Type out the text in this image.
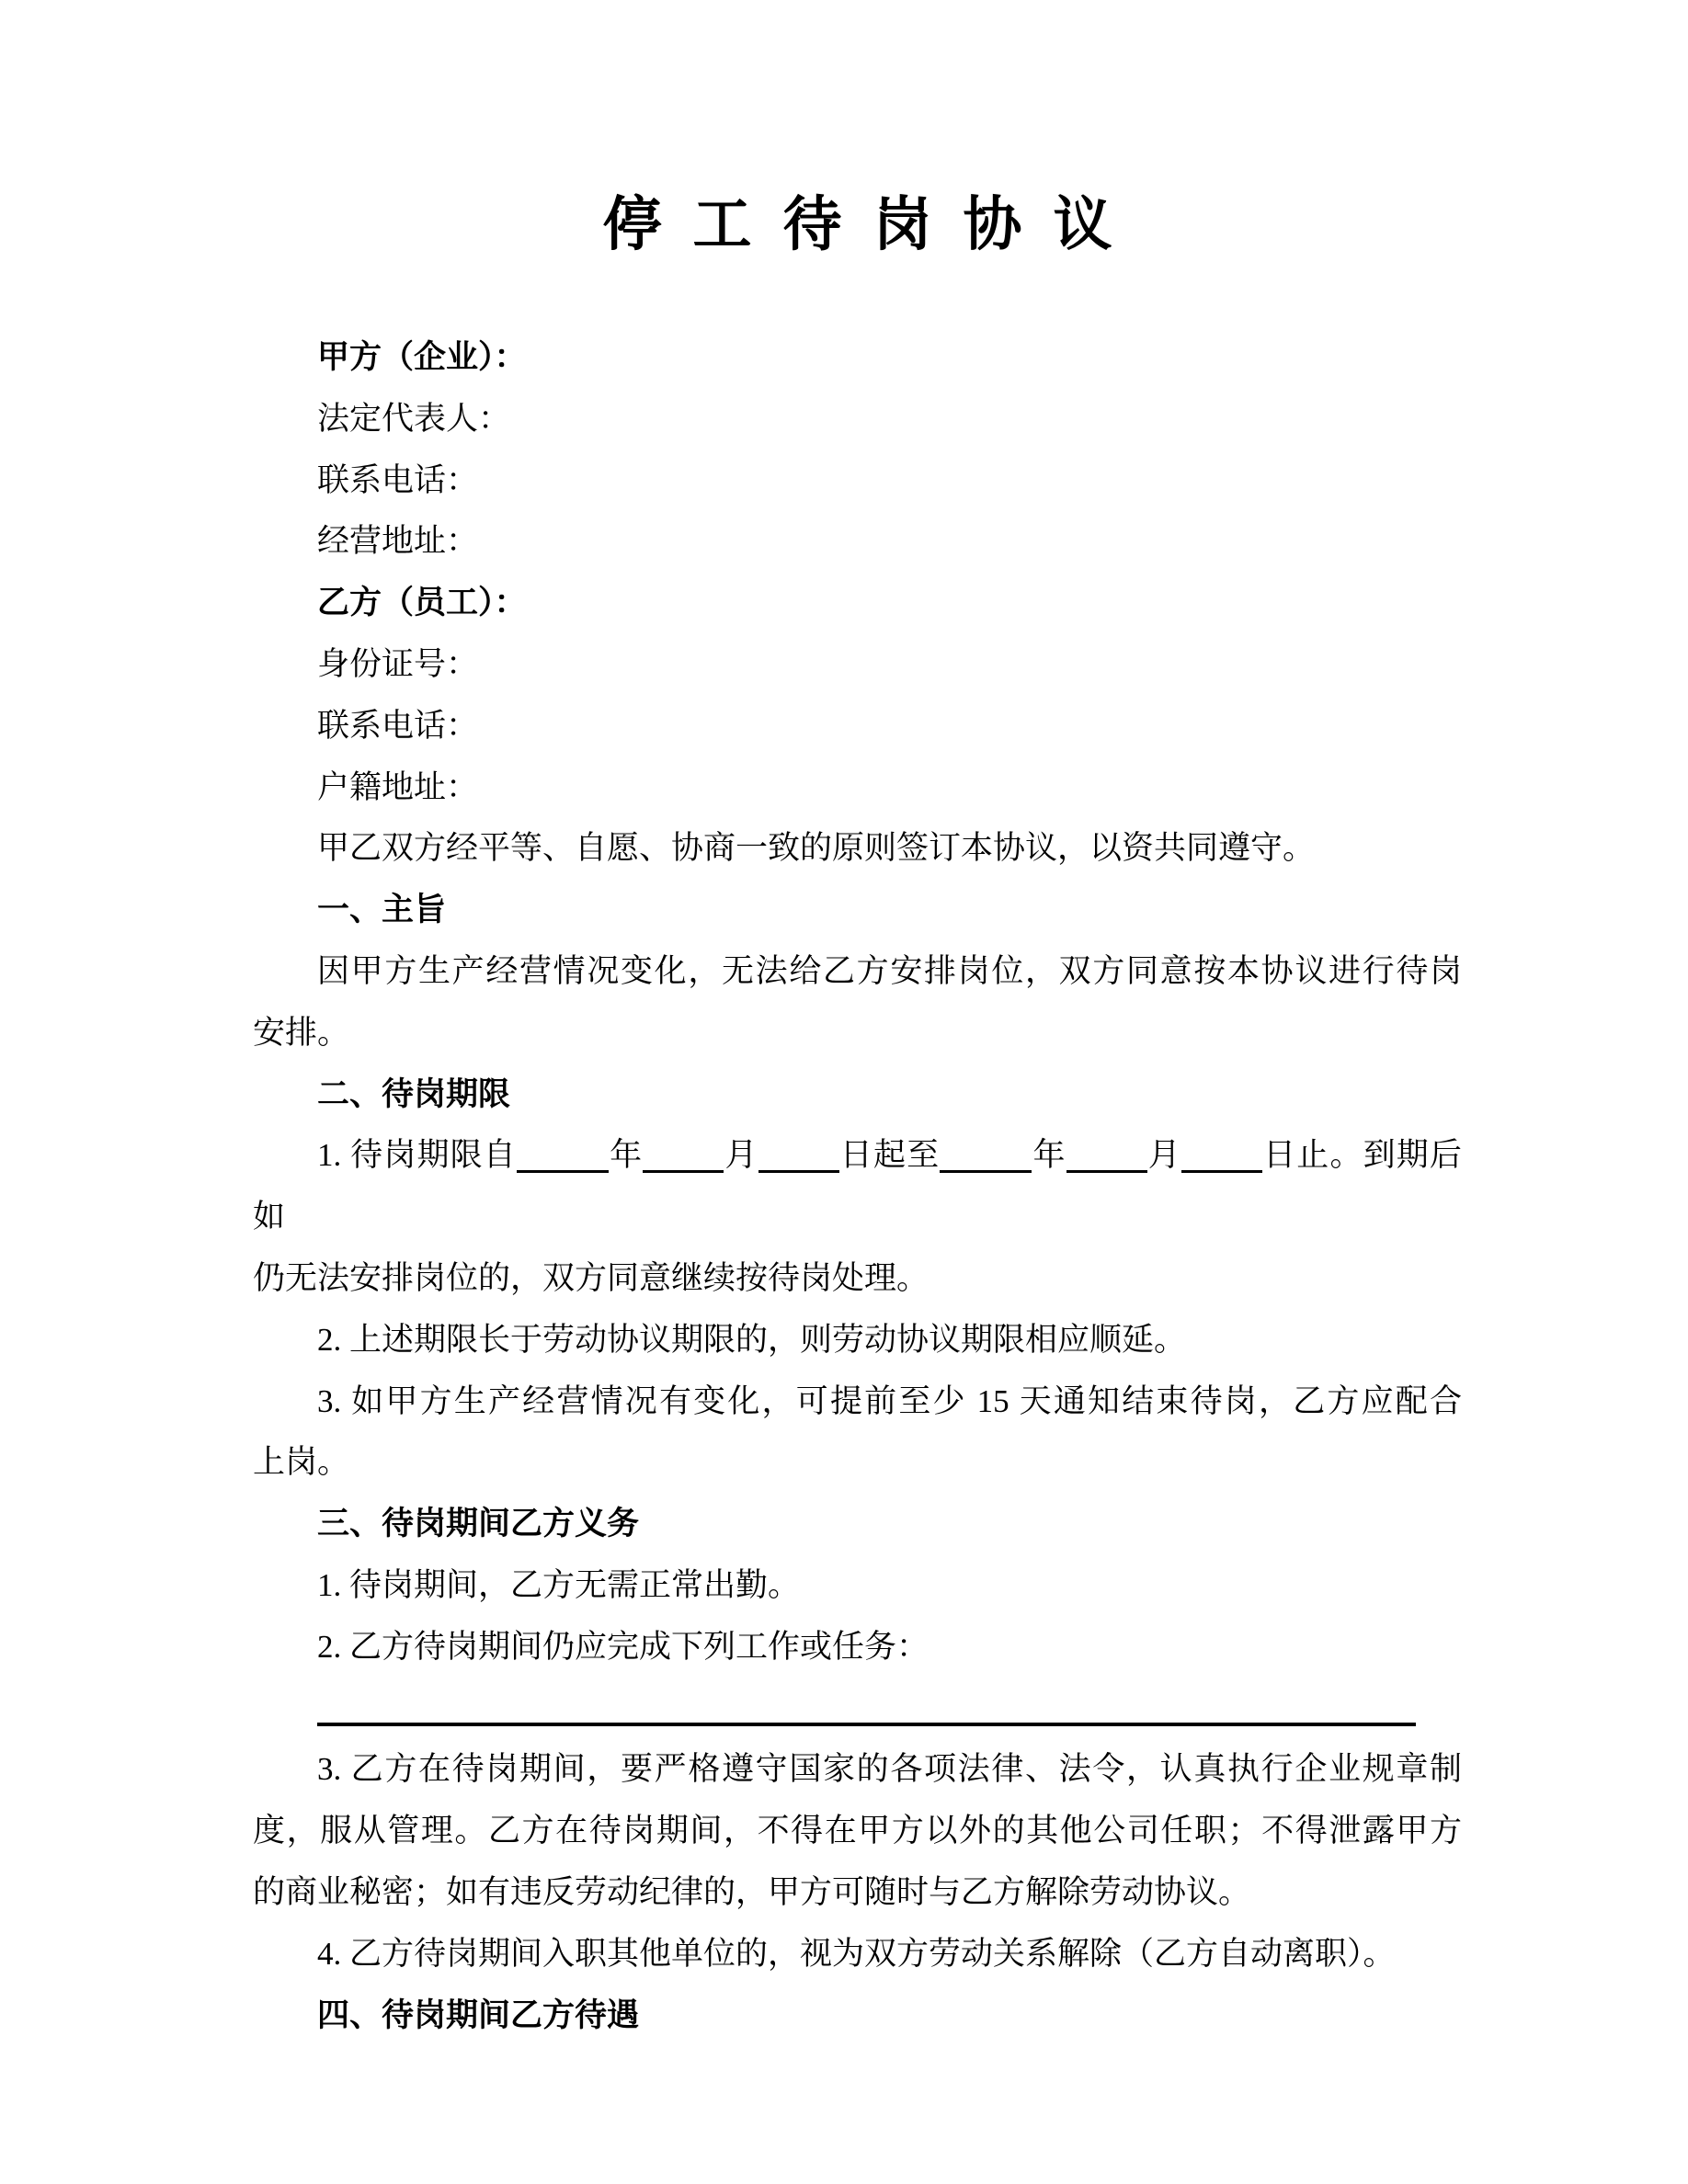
停工待岗协议

甲方（企业）：

法定代表人：

联系电话：

经营地址：

乙方（员工）：

身份证号：

联系电话：

户籍地址：

甲乙双方经平等、自愿、协商一致的原则签订本协议，以资共同遵守。

一、主旨

因甲方生产经营情况变化，无法给乙方安排岗位，双方同意按本协议进行待岗

安排。

二、待岗期限

1. 待岗期限自	年	月	日起至	年	月	日止。到期后如

仍无法安排岗位的，双方同意继续按待岗处理。

2. 上述期限长于劳动协议期限的，则劳动协议期限相应顺延。

3. 如甲方生产经营情况有变化，可提前至少 15 天通知结束待岗，乙方应配合

上岗。

三、待岗期间乙方义务

1. 待岗期间，乙方无需正常出勤。

2. 乙方待岗期间仍应完成下列工作或任务：

3. 乙方在待岗期间，要严格遵守国家的各项法律、法令，认真执行企业规章制

度，服从管理。乙方在待岗期间，不得在甲方以外的其他公司任职；不得泄露甲方

的商业秘密；如有违反劳动纪律的，甲方可随时与乙方解除劳动协议。

4. 乙方待岗期间入职其他单位的，视为双方劳动关系解除（乙方自动离职）。

四、待岗期间乙方待遇
